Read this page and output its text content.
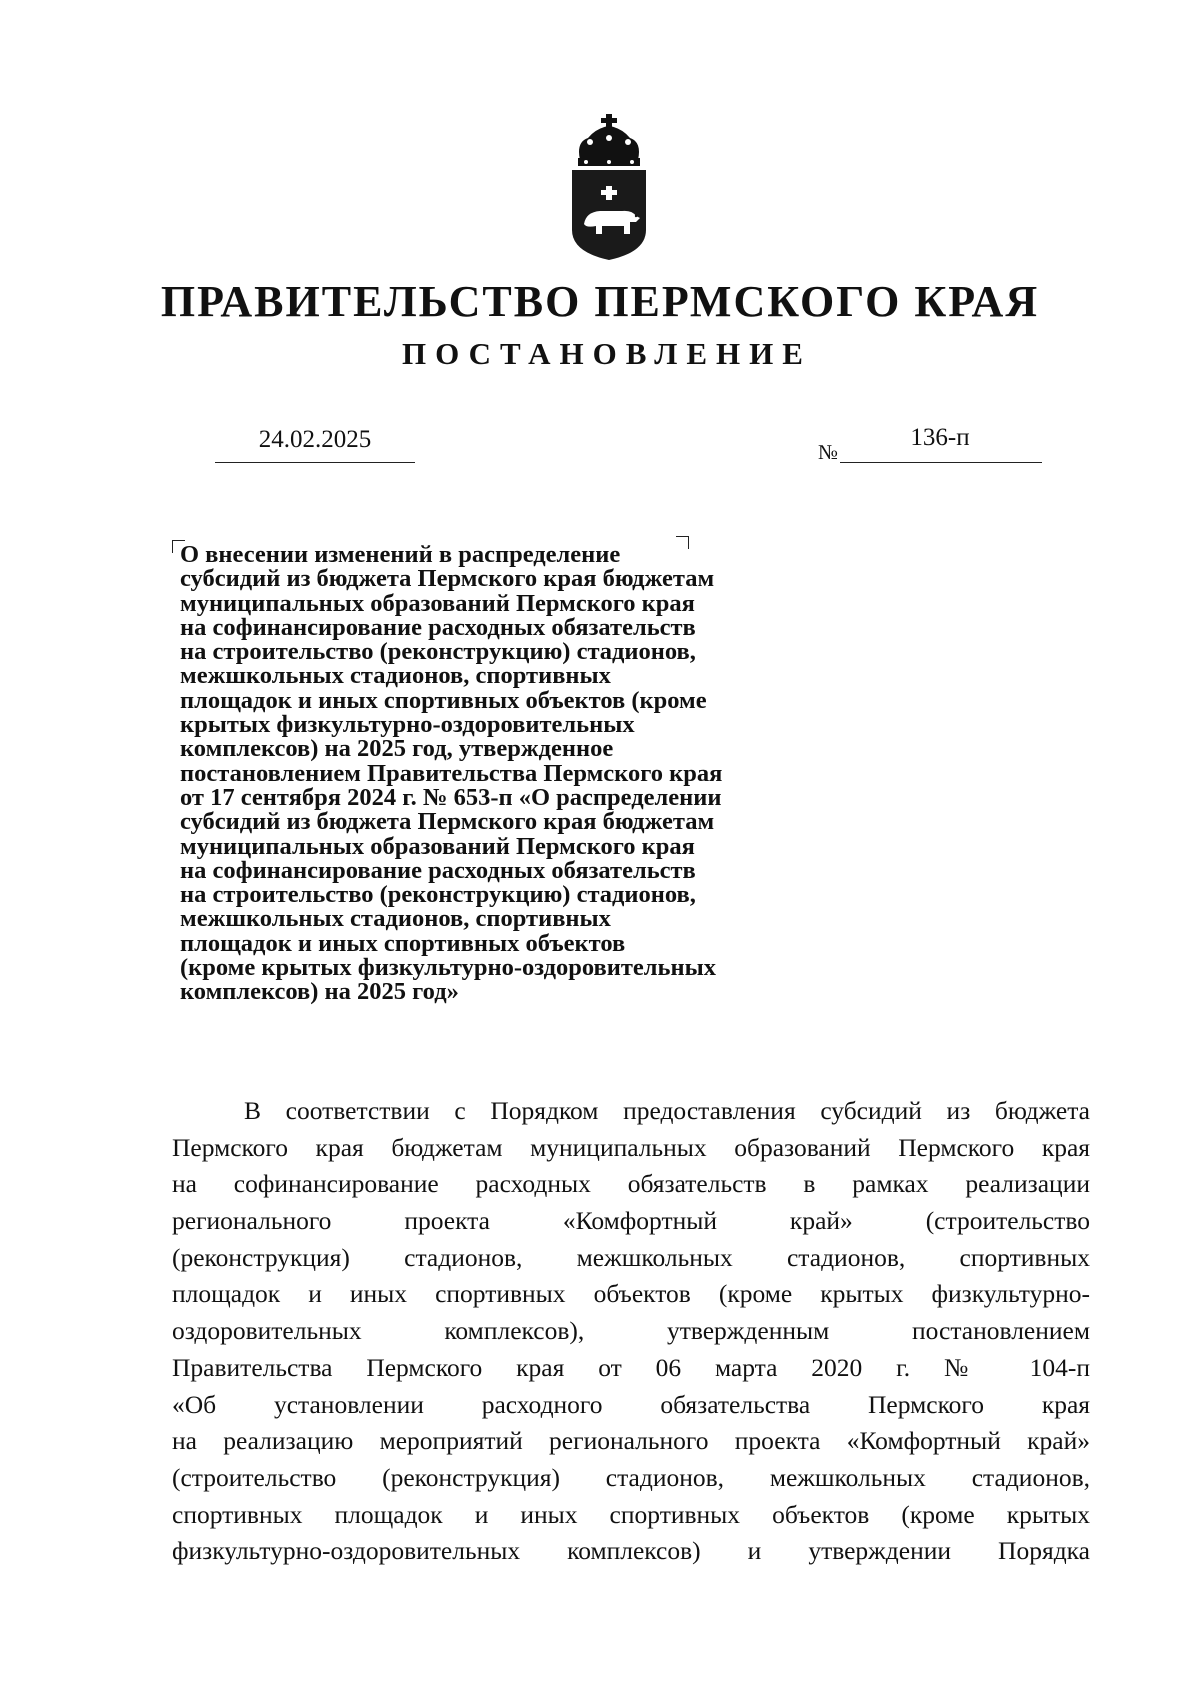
ПРАВИТЕЛЬСТВО ПЕРМСКОГО КРАЯ
ПОСТАНОВЛЕНИЕ
24.02.2025	№
136-п
О внесении изменений в распределение
субсидий из бюджета Пермского края бюджетам
муниципальных образований Пермского края
на софинансирование расходных обязательств
на строительство (реконструкцию) стадионов,
межшкольных стадионов, спортивных
площадок и иных спортивных объектов (кроме
крытых физкультурно-оздоровительных
комплексов) на 2025 год, утвержденное
постановлением Правительства Пермского края
от 17 сентября 2024 г. № 653-п «О распределении
субсидий из бюджета Пермского края бюджетам
муниципальных образований Пермского края
на софинансирование расходных обязательств
на строительство (реконструкцию) стадионов,
межшкольных стадионов, спортивных
площадок и иных спортивных объектов
(кроме крытых физкультурно-оздоровительных
комплексов) на 2025 год»
В соответствии с Порядком предоставления субсидий из бюджета
Пермского края бюджетам муниципальных образований Пермского края
на софинансирование расходных обязательств в рамках реализации
регионального проекта «Комфортный край» (строительство
(реконструкция) стадионов, межшкольных стадионов, спортивных
площадок и иных спортивных объектов (кроме крытых физкультурно-
оздоровительных комплексов), утвержденным постановлением
Правительства Пермского края от 06 марта 2020 г. № 104-п
«Об установлении расходного обязательства Пермского края
на реализацию мероприятий регионального проекта «Комфортный край»
(строительство (реконструкция) стадионов, межшкольных стадионов,
спортивных площадок и иных спортивных объектов (кроме крытых
физкультурно-оздоровительных комплексов) и утверждении Порядка
